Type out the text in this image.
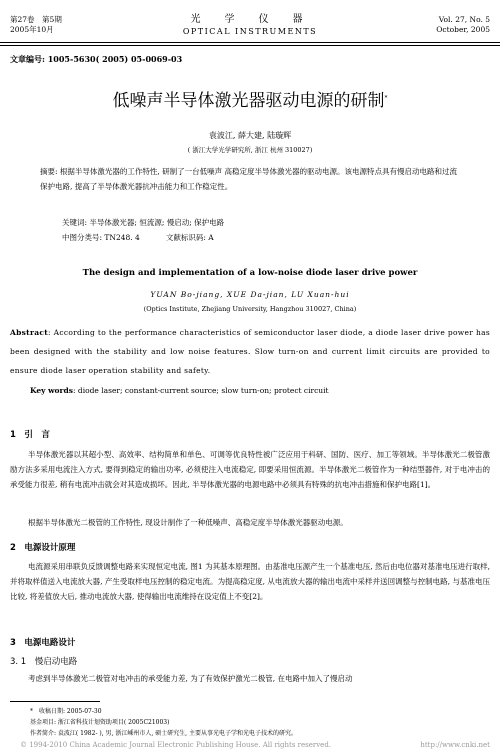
第27卷　第5期
2005年10月
光　学　仪　器
OPTICAL INSTRUMENTS
Vol. 27, No. 5
October, 2005
文章编号: 1005-5630( 2005) 05-0069-03
低噪声半导体激光器驱动电源的研制*
袁波江, 薛大建, 陆璇辉
( 浙江大学光学研究所, 浙江 杭州 310027)
摘要: 根据半导体激光器的工作特性, 研制了一台低噪声 高稳定度半导体激光器的驱动电源。该电源特点具有慢启动电路和过流保护电路, 提高了半导体激光器抗冲击能力和工作稳定性。
关键词: 半导体激光器; 恒流源; 慢启动; 保护电路
中图分类号: TN248. 4	文献标识码: A
The design and implementation of a low-noise diode laser drive power
YUAN Bo-jiang, XUE Da-jian, LU Xuan-hui
(Optics Institute, Zhejiang University, Hangzhou 310027, China)
Abstract: According to the performance characteristics of semiconductor laser diode, a diode laser drive power has been designed with the stability and low noise features. Slow turn-on and current limit circuits are provided to ensure diode laser operation stability and safety.
Key words: diode laser; constant-current source; slow turn-on; protect circuit
1　引　言
半导体激光器以其超小型、高效率、结构简单和单色、可调等优良特性被广泛应用于科研、国防、医疗、加工等领域。半导体激光二极管激励方法多采用电流注入方式, 要得到稳定的输出功率, 必须使注入电流稳定, 即要采用恒流源。半导体激光二极管作为一种结型器件, 对于电冲击的承受能力很差, 稍有电流冲击就会对其造成损坏。因此, 半导体激光器的电源电路中必须具有特殊的抗电冲击措施和保护电路[1]。
根据半导体激光二极管的工作特性, 现设计制作了一种低噪声、高稳定度半导体激光器驱动电源。
2　电源设计原理
电流源采用串联负反馈调整电路来实现恒定电流, 图1 为其基本原理图。由基准电压源产生一个基准电压, 然后由电位器对基准电压进行取样, 并将取样值送入电流放大器, 产生受取样电压控制的稳定电流。为提高稳定度, 从电流放大器的输出电流中采样并送回调整与控制电路, 与基准电压比较, 将差值放大后, 推动电流放大器, 使得输出电流维持在设定值上不变[2]。
3　电源电路设计
3. 1　慢启动电路
考虑到半导体激光二极管对电冲击的承受能力差, 为了有效保护激光二极管, 在电路中加入了慢启动
*　收稿日期: 2005-07-30
基金项目: 浙江省科技计划资助项目( 2005C21003)
作者简介: 袁波江( 1982- ), 男, 浙江嵊州市人, 硕士研究生, 主要从事光电子学和光电子技术的研究。
© 1994-2010 China Academic Journal Electronic Publishing House. All rights reserved.	http://www.cnki.net
